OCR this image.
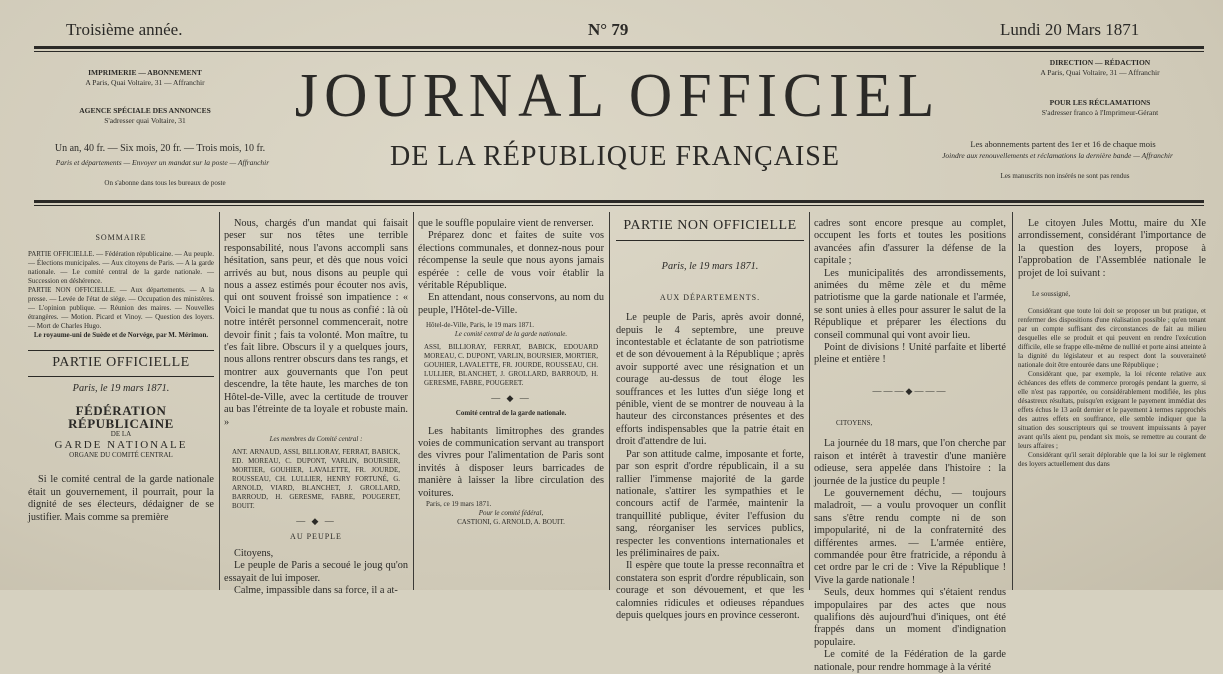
Troisième année.	N° 79	Lundi 20 Mars 1871
IMPRIMERIE — ABONNEMENT
A Paris, Quai Voltaire, 31 — Affranchir
AGENCE SPÉCIALE DES ANNONCES
S'adresser quai Voltaire, 31
Un an, 40 fr. — Six mois, 20 fr. — Trois mois, 10 fr.
Paris et départements — Envoyer un mandat sur la poste — Affranchir
On s'abonne dans tous les bureaux de poste
JOURNAL OFFICIEL
DE LA RÉPUBLIQUE FRANÇAISE
DIRECTION — RÉDACTION
A Paris, Quai Voltaire, 31 — Affranchir
POUR LES RÉCLAMATIONS
S'adresser franco à l'Imprimeur-Gérant
Les abonnements partent des 1er et 16 de chaque mois
Joindre aux renouvellements et réclamations la dernière bande — Affranchir
Les manuscrits non insérés ne sont pas rendus
SOMMAIRE
PARTIE OFFICIELLE. — Fédération républicaine. — Au peuple. — Élections municipales. — Aux citoyens de Paris. — A la garde nationale. — Le comité central de la garde nationale. — Succession en déshérence.
PARTIE NON OFFICIELLE. — Aux départements. — A la presse. — Levée de l'état de siége. — Occupation des ministères. — L'opinion publique. — Réunion des maires. — Nouvelles étrangères. — Motion. Picard et Vinoy. — Question des loyers. — Mort de Charles Hugo.
Le royaume-uni de Suède et de Norvége, par M. Mérimon.
PARTIE OFFICIELLE
Paris, le 19 mars 1871.
FÉDÉRATION RÉPUBLICAINE
DE LA
GARDE NATIONALE
ORGANE DU COMITÉ CENTRAL

Si le comité central de la garde nationale était un gouvernement, il pourrait, pour la dignité de ses électeurs, dédaigner de se justifier. Mais comme sa première

Nous, chargés d'un mandat qui faisait peser sur nos têtes une terrible responsabilité, nous l'avons accompli sans hésitation, sans peur, et dès que nous voici arrivés au but, nous disons au peuple qui nous a assez estimés pour écouter nos avis, qui ont souvent froissé son impatience : « Voici le mandat que tu nous as confié : là où notre intérêt personnel commencerait, notre devoir finit ; fais ta volonté. Mon maître, tu t'es fait libre. Obscurs il y a quelques jours, nous allons rentrer obscurs dans tes rangs, et montrer aux gouvernants que l'on peut descendre, la tête haute, les marches de ton Hôtel-de-Ville, avec la certitude de trouver au bas l'étreinte de ta loyale et robuste main. »

Les membres du Comité central :
ANT. ARNAUD, ASSI, BILLIORAY, FERRAT, BABICK, ED. MOREAU, C. DUPONT, VARLIN, BOURSIER, MORTIER, GOUHIER, LAVALETTE, FR. JOURDE, ROUSSEAU, CH. LULLIER, HENRY FORTUNÉ, G. ARNOLD, VIARD, BLANCHET, J. GROLLARD, BARROUD, H. GERESME, FABRE, POUGERET, BOUIT.
— ◆ —
AU PEUPLE

Citoyens,

Le peuple de Paris a secoué le joug qu'on essayait de lui imposer.

Calme, impassible dans sa force, il a at-

que le souffle populaire vient de renverser.

Préparez donc et faites de suite vos élections communales, et donnez-nous pour récompense la seule que nous ayons jamais espérée : celle de vous voir établir la véritable République.

En attendant, nous conservons, au nom du peuple, l'Hôtel-de-Ville.

Hôtel-de-Ville, Paris, le 19 mars 1871.
Le comité central de la garde nationale.
ASSI, BILLIORAY, FERRAT, BABICK, EDOUARD MOREAU, C. DUPONT, VARLIN, BOURSIER, MORTIER, GOUHIER, LAVALETTE, FR. JOURDE, ROUSSEAU, CH. LULLIER, BLANCHET, J. GROLLARD, BARROUD, H. GERESME, FABRE, POUGERET.
— ◆ —
Comité central de la garde nationale.

Les habitants limitrophes des grandes voies de communication servant au transport des vivres pour l'alimentation de Paris sont invités à disposer leurs barricades de manière à laisser la libre circulation des voitures.

Paris, ce 19 mars 1871.
Pour le comité fédéral,
CASTIONI, G. ARNOLD, A. BOUIT.
PARTIE NON OFFICIELLE
Paris, le 19 mars 1871.
AUX DÉPARTEMENTS.

Le peuple de Paris, après avoir donné, depuis le 4 septembre, une preuve incontestable et éclatante de son patriotisme et de son dévouement à la République ; après avoir supporté avec une résignation et un courage au-dessus de tout éloge les souffrances et les luttes d'un siége long et pénible, vient de se montrer de nouveau à la hauteur des circonstances présentes et des efforts indispensables que la patrie était en droit d'attendre de lui.

Par son attitude calme, imposante et forte, par son esprit d'ordre républicain, il a su rallier l'immense majorité de la garde nationale, s'attirer les sympathies et le concours actif de l'armée, maintenir la tranquillité publique, éviter l'effusion du sang, réorganiser les services publics, respecter les conventions internationales et les préliminaires de paix.

Il espère que toute la presse reconnaîtra et constatera son esprit d'ordre républicain, son courage et son dévouement, et que les calomnies ridicules et odieuses répandues depuis quelques jours en province cesseront.

cadres sont encore presque au complet, occupent les forts et toutes les positions avancées afin d'assurer la défense de la capitale ;

Les municipalités des arrondissements, animées du même zèle et du même patriotisme que la garde nationale et l'armée, se sont unies à elles pour assurer le salut de la République et préparer les élections du conseil communal qui vont avoir lieu.

Point de divisions ! Unité parfaite et liberté pleine et entière !

———◆———
CITOYENS,

La journée du 18 mars, que l'on cherche par raison et intérêt à travestir d'une manière odieuse, sera appelée dans l'histoire : la journée de la justice du peuple !

Le gouvernement déchu, — toujours maladroit, — a voulu provoquer un conflit sans s'être rendu compte ni de son impopularité, ni de la confraternité des différentes armes. — L'armée entière, commandée pour être fratricide, a répondu à cet ordre par le cri de : Vive la République ! Vive la garde nationale !

Seuls, deux hommes qui s'étaient rendus impopulaires par des actes que nous qualifions dès aujourd'hui d'iniques, ont été frappés dans un moment d'indignation populaire.

Le comité de la Fédération de la garde nationale, pour rendre hommage à la vérité

Le citoyen Jules Mottu, maire du XIe arrondissement, considérant l'importance de la question des loyers, propose à l'approbation de l'Assemblée nationale le projet de loi suivant :

Le soussigné,

Considérant que toute loi doit se proposer un but pratique, et renfermer des dispositions d'une réalisation possible ; qu'en tenant par un compte suffisant des circonstances de fait au milieu desquelles elle se produit et qui peuvent en rendre l'exécution difficile, elle se frappe elle-même de nullité et porte ainsi atteinte à la dignité du législateur et au respect dont la souveraineté nationale doit être entourée dans une République ;

Considérant que, par exemple, la loi récente relative aux échéances des effets de commerce prorogés pendant la guerre, si elle n'est pas rapportée, ou considérablement modifiée, les plus désastreux résultats, puisqu'en exigeant le payement immédiat des effets échus le 13 août dernier et le payement à termes rapprochés des autres effets en souffrance, elle semble indiquer que la situation des souscripteurs qui se trouvent impuissants à payer avant qu'ils aient pu, pendant six mois, se remettre au courant de leurs affaires ;

Considérant qu'il serait déplorable que la loi sur le règlement des loyers actuellement dus dans
